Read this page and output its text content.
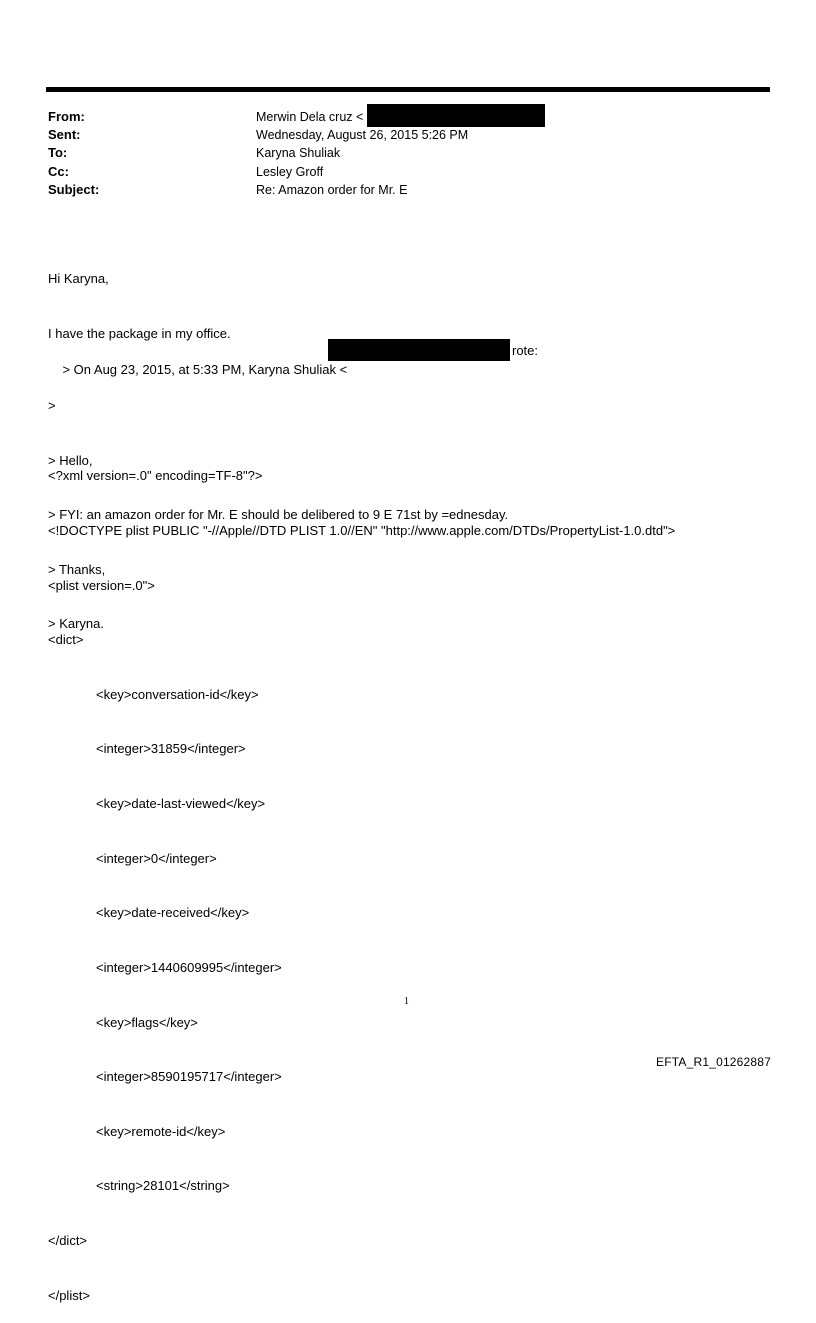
From:	Merwin Dela cruz <
Sent:	Wednesday, August 26, 2015 5:26 PM
To:	Karyna Shuliak
Cc:	Lesley Groff
Subject:	Re: Amazon order for Mr. E

Hi Karyna,

I have the package in my office.

> On Aug 23, 2015, at 5:33 PM, Karyna Shuliak <

rote:

>

> Hello,

> FYI: an amazon order for Mr. E should be delibered to 9 E 71st by =ednesday.

> Thanks,

> Karyna.

<?xml version=.0" encoding=TF-8"?>

<!DOCTYPE plist PUBLIC "-//Apple//DTD PLIST 1.0//EN" "http://www.apple.com/DTDs/PropertyList-1.0.dtd">

<plist version=.0">

<dict>

<key>conversation-id</key>

<integer>31859</integer>

<key>date-last-viewed</key>

<integer>0</integer>

<key>date-received</key>

<integer>1440609995</integer>

<key>flags</key>

<integer>8590195717</integer>

<key>remote-id</key>

<string>28101</string>

</dict>

</plist>

1
EFTA_R1_01262887
